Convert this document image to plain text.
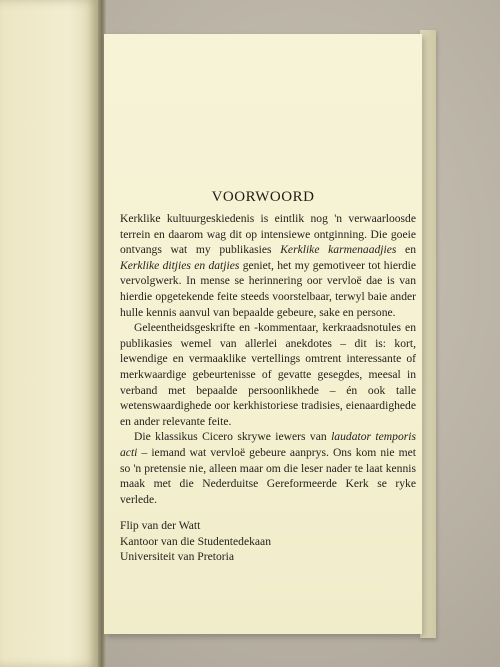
VOORWOORD

Kerklike kultuurgeskiedenis is eintlik nog 'n verwaarloosde terrein en daarom wag dit op intensiewe ontginning. Die goeie ontvangs wat my publikasies Kerklike karmenaadjies en Kerklike ditjies en datjies geniet, het my gemotiveer tot hierdie vervolgwerk. In mense se herinnering oor vervloë dae is van hierdie opgetekende feite steeds voorstelbaar, terwyl baie ander hulle kennis aanvul van bepaalde gebeure, sake en persone.

Geleentheidsgeskrifte en -kommentaar, kerkraadsnotules en publikasies wemel van allerlei anekdotes – dit is: kort, lewendige en vermaaklike vertellings omtrent interessante of merkwaardige gebeurtenisse of gevatte gesegdes, meesal in verband met bepaalde persoonlikhede – én ook talle wetenswaardighede oor kerkhistoriese tradisies, eienaardighede en ander relevante feite.

Die klassikus Cicero skrywe iewers van laudator temporis acti – iemand wat vervloë gebeure aanprys. Ons kom nie met so 'n pretensie nie, alleen maar om die leser nader te laat kennis maak met die Nederduitse Gereformeerde Kerk se ryke verlede.

Flip van der Watt
Kantoor van die Studentedekaan
Universiteit van Pretoria
